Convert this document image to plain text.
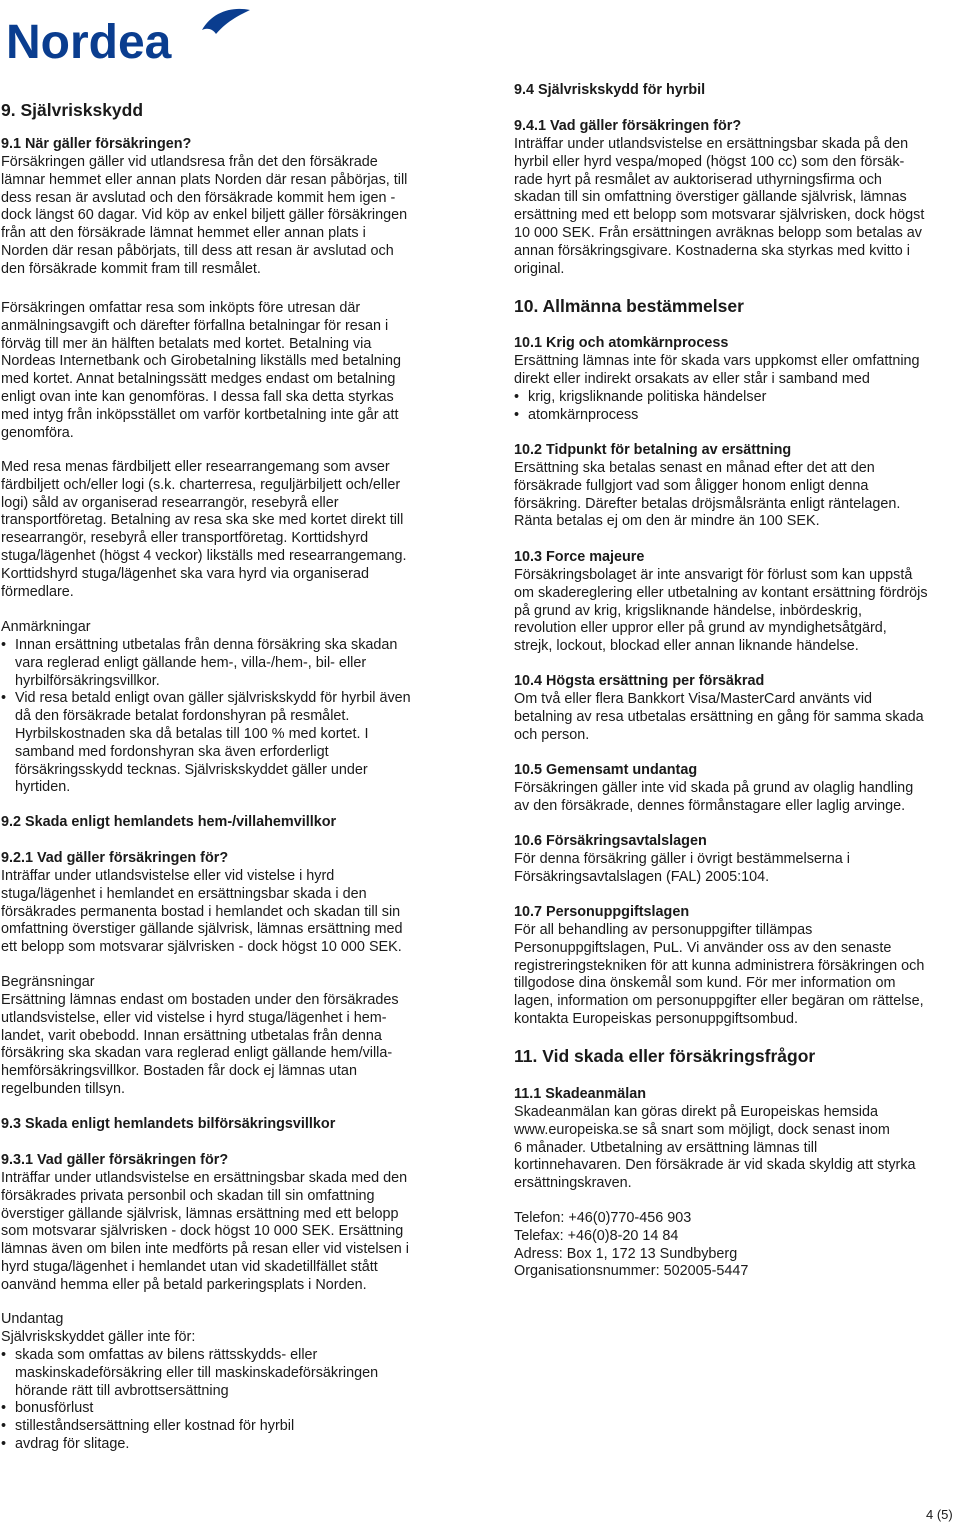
Nordea
9. Självriskskydd
9.1 När gäller försäkringen?
Försäkringen gäller vid utlandsresa från det den försäkrade
lämnar hemmet eller annan plats Norden där resan påbörjas, till
dess resan är avslutad och den försäkrade kommit hem igen -
dock längst 60 dagar. Vid köp av enkel biljett gäller försäkringen
från att den försäkrade lämnat hemmet eller annan plats i
Norden där resan påbörjats, till dess att resan är avslutad och
den försäkrade kommit fram till resmålet.
Försäkringen omfattar resa som inköpts före utresan där
anmälningsavgift och därefter förfallna betalningar för resan i
förväg till mer än hälften betalats med kortet. Betalning via
Nordeas Internetbank och Girobetalning likställs med betalning
med kortet. Annat betalningssätt medges endast om betalning
enligt ovan inte kan genomföras. I dessa fall ska detta styrkas
med intyg från inköpsstället om varför kortbetalning inte går att
genomföra.
Med resa menas färdbiljett eller researrangemang som avser
färdbiljett och/eller logi (s.k. charterresa, reguljärbiljett och/eller
logi) såld av organiserad researrangör, resebyrå eller
transportföretag. Betalning av resa ska ske med kortet direkt till
researrangör, resebyrå eller transportföretag. Korttidshyrd
stuga/lägenhet (högst 4 veckor) likställs med researrangemang.
Korttidshyrd stuga/lägenhet ska vara hyrd via organiserad
förmedlare.
Anmärkningar
• Innan ersättning utbetalas från denna försäkring ska skadan
vara reglerad enligt gällande hem-, villa-/hem-, bil- eller
hyrbilförsäkringsvillkor.
• Vid resa betald enligt ovan gäller självriskskydd för hyrbil även
då den försäkrade betalat fordonshyran på resmålet.
Hyrbilskostnaden ska då betalas till 100 % med kortet. I
samband med fordonshyran ska även erforderligt
försäkringsskydd tecknas. Självriskskyddet gäller under
hyrtiden.
9.2 Skada enligt hemlandets hem-/villahemvillkor
9.2.1 Vad gäller försäkringen för?
Inträffar under utlandsvistelse eller vid vistelse i hyrd
stuga/lägenhet i hemlandet en ersättningsbar skada i den
försäkrades permanenta bostad i hemlandet och skadan till sin
omfattning överstiger gällande självrisk, lämnas ersättning med
ett belopp som motsvarar självrisken - dock högst 10 000 SEK.
Begränsningar
Ersättning lämnas endast om bostaden under den försäkrades
utlandsvistelse, eller vid vistelse i hyrd stuga/lägenhet i hem-
landet, varit obebodd. Innan ersättning utbetalas från denna
försäkring ska skadan vara reglerad enligt gällande hem/villa-
hemförsäkringsvillkor. Bostaden får dock ej lämnas utan
regelbunden tillsyn.
9.3 Skada enligt hemlandets bilförsäkringsvillkor
9.3.1 Vad gäller försäkringen för?
Inträffar under utlandsvistelse en ersättningsbar skada med den
försäkrades privata personbil och skadan till sin omfattning
överstiger gällande självrisk, lämnas ersättning med ett belopp
som motsvarar självrisken - dock högst 10 000 SEK. Ersättning
lämnas även om bilen inte medförts på resan eller vid vistelsen i
hyrd stuga/lägenhet i hemlandet utan vid skadetillfället stått
oanvänd hemma eller på betald parkeringsplats i Norden.
Undantag
Självriskskyddet gäller inte för:
• skada som omfattas av bilens rättsskydds- eller
maskinskadeförsäkring eller till maskinskadeförsäkringen
hörande rätt till avbrottsersättning
• bonusförlust
• stilleståndsersättning eller kostnad för hyrbil
• avdrag för slitage.
9.4 Självriskskydd för hyrbil
9.4.1 Vad gäller försäkringen för?
Inträffar under utlandsvistelse en ersättningsbar skada på den
hyrbil eller hyrd vespa/moped (högst 100 cc) som den försäk-
rade hyrt på resmålet av auktoriserad uthyrningsfirma och
skadan till sin omfattning överstiger gällande självrisk, lämnas
ersättning med ett belopp som motsvarar självrisken, dock högst
10 000 SEK. Från ersättningen avräknas belopp som betalas av
annan försäkringsgivare. Kostnaderna ska styrkas med kvitto i
original.
10. Allmänna bestämmelser
10.1 Krig och atomkärnprocess
Ersättning lämnas inte för skada vars uppkomst eller omfattning
direkt eller indirekt orsakats av eller står i samband med
• krig, krigsliknande politiska händelser
• atomkärnprocess
10.2 Tidpunkt för betalning av ersättning
Ersättning ska betalas senast en månad efter det att den
försäkrade fullgjort vad som åligger honom enligt denna
försäkring. Därefter betalas dröjsmålsränta enligt räntelagen.
Ränta betalas ej om den är mindre än 100 SEK.
10.3 Force majeure
Försäkringsbolaget är inte ansvarigt för förlust som kan uppstå
om skadereglering eller utbetalning av kontant ersättning fördröjs
på grund av krig, krigsliknande händelse, inbördeskrig,
revolution eller uppror eller på grund av myndighetsåtgärd,
strejk, lockout, blockad eller annan liknande händelse.
10.4 Högsta ersättning per försäkrad
Om två eller flera Bankkort Visa/MasterCard använts vid
betalning av resa utbetalas ersättning en gång för samma skada
och person.
10.5 Gemensamt undantag
Försäkringen gäller inte vid skada på grund av olaglig handling
av den försäkrade, dennes förmånstagare eller laglig arvinge.
10.6 Försäkringsavtalslagen
För denna försäkring gäller i övrigt bestämmelserna i
Försäkringsavtalslagen (FAL) 2005:104.
10.7 Personuppgiftslagen
För all behandling av personuppgifter tillämpas
Personuppgiftslagen, PuL. Vi använder oss av den senaste
registreringstekniken för att kunna administrera försäkringen och
tillgodose dina önskemål som kund. För mer information om
lagen, information om personuppgifter eller begäran om rättelse,
kontakta Europeiskas personuppgiftsombud.
11. Vid skada eller försäkringsfrågor
11.1 Skadeanmälan
Skadeanmälan kan göras direkt på Europeiskas hemsida
www.europeiska.se så snart som möjligt, dock senast inom
6 månader. Utbetalning av ersättning lämnas till
kortinnehavaren. Den försäkrade är vid skada skyldig att styrka
ersättningskraven.
Telefon: +46(0)770-456 903
Telefax: +46(0)8-20 14 84
Adress: Box 1, 172 13 Sundbyberg
Organisationsnummer: 502005-5447
4 (5)
